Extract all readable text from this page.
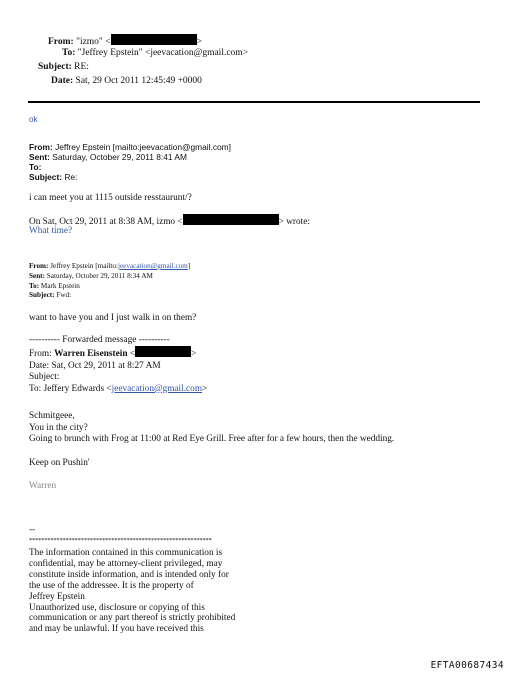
From: "izmo" <	>
To: "Jeffrey Epstein" <jeevacation@gmail.com>
Subject: RE:
Date: Sat, 29 Oct 2011 12:45:49 +0000
ok
From: Jeffrey Epstein [mailto:jeevacation@gmail.com]
Sent: Saturday, October 29, 2011 8:41 AM
To:
Subject: Re:
i can meet you at 1115 outside resstaurunt/?
On Sat, Oct 29, 2011 at 8:38 AM, izmo <	> wrote:
What time?
From: Jeffrey Epstein [mailto:jeevacation@gmail.com]
Sent: Saturday, October 29, 2011 8:34 AM
To: Mark Epstein
Subject: Fwd:
want to have you and I just walk in on them?
---------- Forwarded message ----------
From: Warren Eisenstein <	>
Date: Sat, Oct 29, 2011 at 8:27 AM
Subject:
To: Jeffery Edwards <jeevacation@gmail.com>
Schmitgeee,
You in the city?
Going to brunch with Frog at 11:00 at Red Eye Grill. Free after for a few hours, then the wedding.
Keep on Pushin'
Warren
--
************************************************************
The information contained in this communication is
confidential, may be attorney-client privileged, may
constitute inside information, and is intended only for
the use of the addressee. It is the property of
Jeffrey Epstein
Unauthorized use, disclosure or copying of this
communication or any part thereof is strictly prohibited
and may be unlawful. If you have received this
EFTA00687434
